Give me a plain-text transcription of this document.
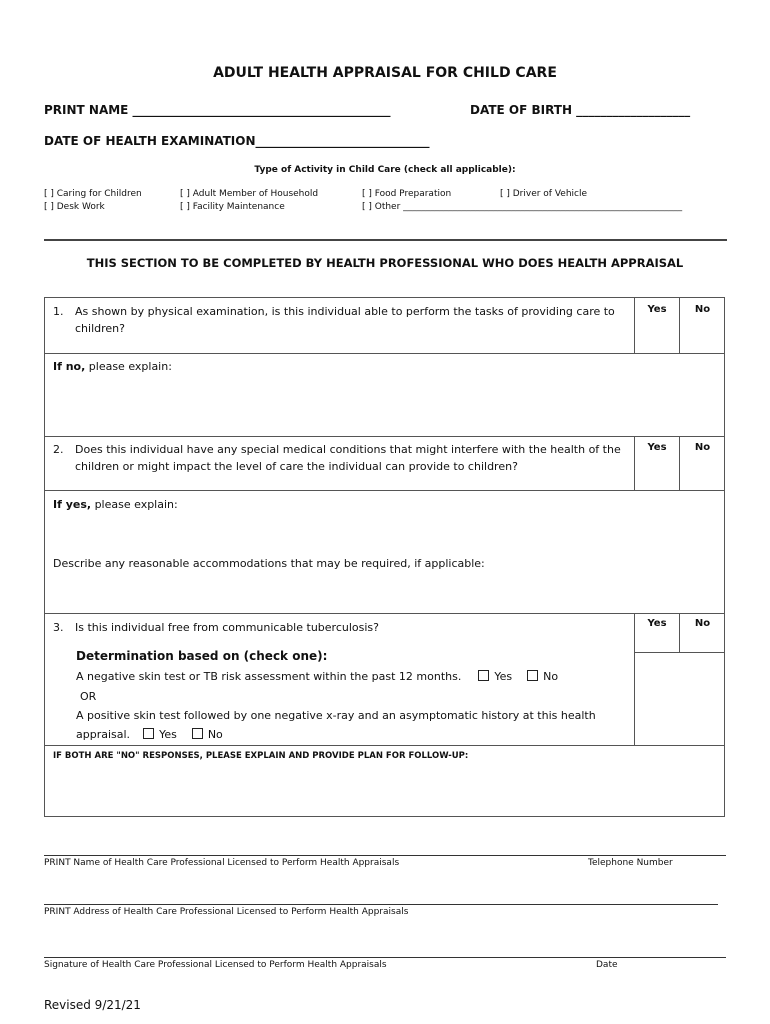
ADULT HEALTH APPRAISAL FOR CHILD CARE
PRINT NAME ___________________________________________	DATE OF BIRTH ___________________
DATE OF HEALTH EXAMINATION_____________________________
Type of Activity in Child Care (check all applicable):
[ ] Caring for Children	[ ] Adult Member of Household	[ ] Food Preparation	[ ] Driver of Vehicle
[ ] Desk Work	[ ] Facility Maintenance	[ ] Other ______________________________________________________________
THIS SECTION TO BE COMPLETED BY HEALTH PROFESSIONAL WHO DOES HEALTH APPRAISAL
1. As shown by physical examination, is this individual able to perform the tasks of providing care to children?
Yes	No
If no, please explain:
2. Does this individual have any special medical conditions that might interfere with the health of the children or might impact the level of care the individual can provide to children?
Yes	No
If yes, please explain:
Describe any reasonable accommodations that may be required, if applicable:
3. Is this individual free from communicable tuberculosis?	Yes	No
Determination based on (check one):
A negative skin test or TB risk assessment within the past 12 months.	Yes	No
OR
A positive skin test followed by one negative x-ray and an asymptomatic history at this health
appraisal.	Yes	No
IF BOTH ARE "NO" RESPONSES, PLEASE EXPLAIN AND PROVIDE PLAN FOR FOLLOW-UP:
PRINT Name of Health Care Professional Licensed to Perform Health Appraisals	Telephone Number
PRINT Address of Health Care Professional Licensed to Perform Health Appraisals
Signature of Health Care Professional Licensed to Perform Health Appraisals	Date
Revised 9/21/21
